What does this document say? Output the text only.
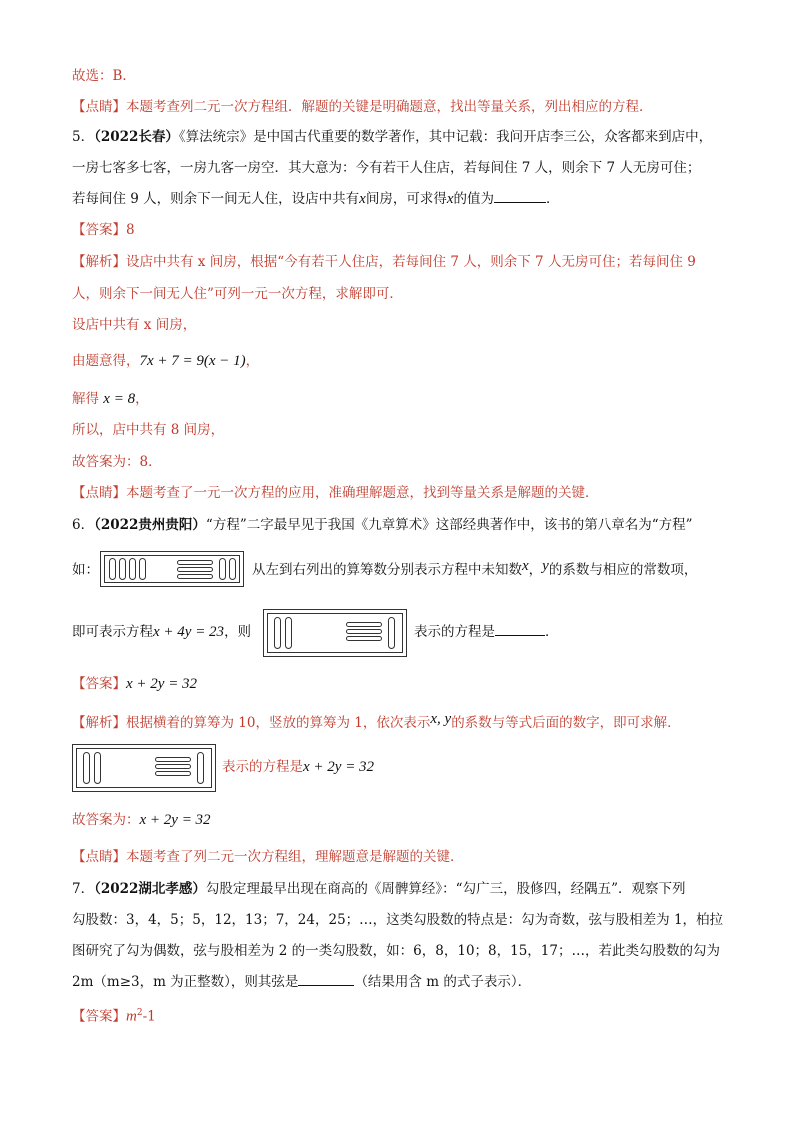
故选：B．
【点睛】本题考查列二元一次方程组．解题的关键是明确题意，找出等量关系，列出相应的方程．
5．（2022长春）《算法统宗》是中国古代重要的数学著作，其中记载：我问开店李三公，众客都来到店中，
一房七客多七客，一房九客一房空．其大意为：今有若干人住店，若每间住 7 人，则余下 7 人无房可住；
若每间住 9 人，则余下一间无人住，设店中共有x间房，可求得x的值为	．
【答案】8
【解析】设店中共有 x 间房，根据“今有若干人住店，若每间住 7 人，则余下 7 人无房可住；若每间住 9
人，则余下一间无人住”可列一元一次方程，求解即可．
设店中共有 x 间房，
由题意得，7x + 7 = 9(x − 1)，
解得 x = 8，
所以，店中共有 8 间房，
故答案为：8．
【点睛】本题考查了一元一次方程的应用，准确理解题意，找到等量关系是解题的关键．
6．（2022贵州贵阳）“方程”二字最早见于我国《九章算术》这部经典著作中，该书的第八章名为“方程”
如：	从左到右列出的算筹数分别表示方程中未知数x，y的系数与相应的常数项，
即可表示方程x + 4y = 23，则	表示的方程是	．
【答案】x + 2y = 32
【解析】根据横着的算筹为 10，竖放的算筹为 1，依次表示x, y的系数与等式后面的数字，即可求解．
表示的方程是x + 2y = 32
故答案为：x + 2y = 32
【点睛】本题考查了列二元一次方程组，理解题意是解题的关键．
7．（2022湖北孝感）勾股定理最早出现在商高的《周髀算经》：“勾广三，股修四，经隅五”．观察下列
勾股数：3，4，5；5，12，13；7，24，25；…，这类勾股数的特点是：勾为奇数，弦与股相差为 1，柏拉
图研究了勾为偶数，弦与股相差为 2 的一类勾股数，如：6，8，10；8，15，17；…，若此类勾股数的勾为
2m（m≥3，m 为正整数），则其弦是	（结果用含 m 的式子表示）．
【答案】$m^2-1$
